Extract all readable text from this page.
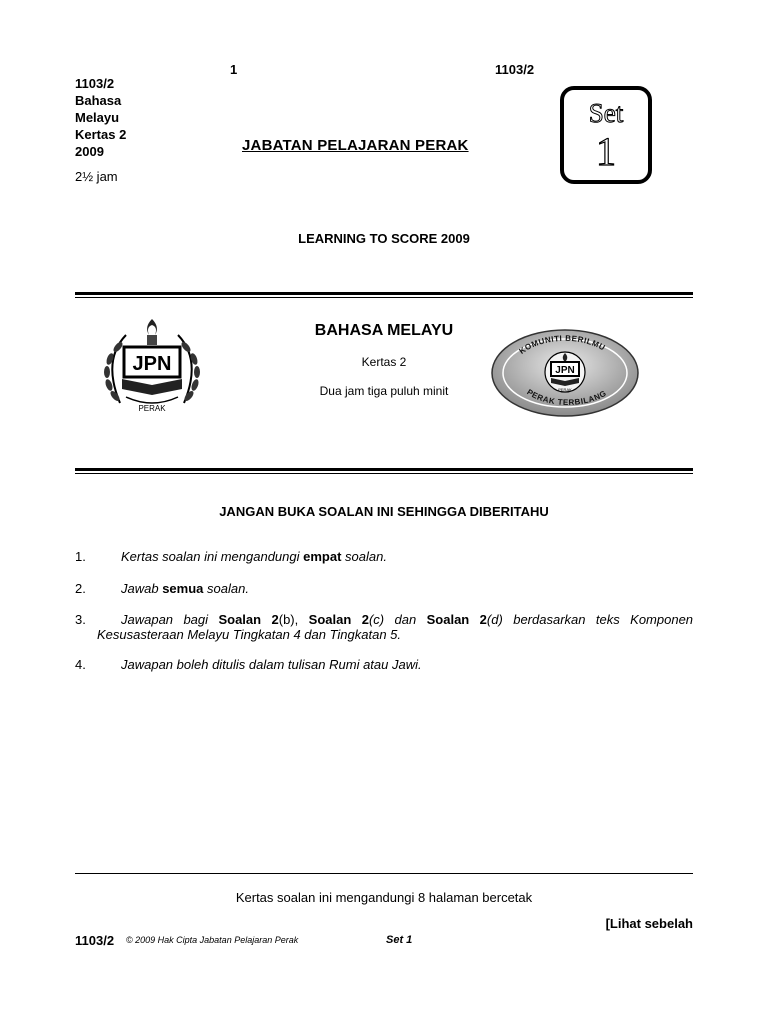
1	1103/2
1103/2
Bahasa
Melayu
Kertas 2
2009
2½ jam
JABATAN PELAJARAN PERAK
Set
1
LEARNING TO SCORE 2009
JPN
PERAK
BAHASA MELAYU
Kertas 2
Dua jam tiga puluh minit
KOMUNITI BERILMU
PERAK TERBILANG
JPN
PERAK
JANGAN BUKA SOALAN INI SEHINGGA DIBERITAHU
1.	Kertas soalan ini mengandungi empat soalan.
2.	Jawab semua soalan.
3.	Jawapan bagi Soalan 2(b), Soalan 2(c) dan Soalan 2(d) berdasarkan teks Komponen
Kesusasteraan Melayu Tingkatan 4 dan Tingkatan 5.
4.	Jawapan boleh ditulis dalam tulisan Rumi atau Jawi.
Kertas soalan ini mengandungi 8 halaman bercetak
[Lihat sebelah
1103/2 © 2009 Hak Cipta Jabatan Pelajaran Perak	Set 1
